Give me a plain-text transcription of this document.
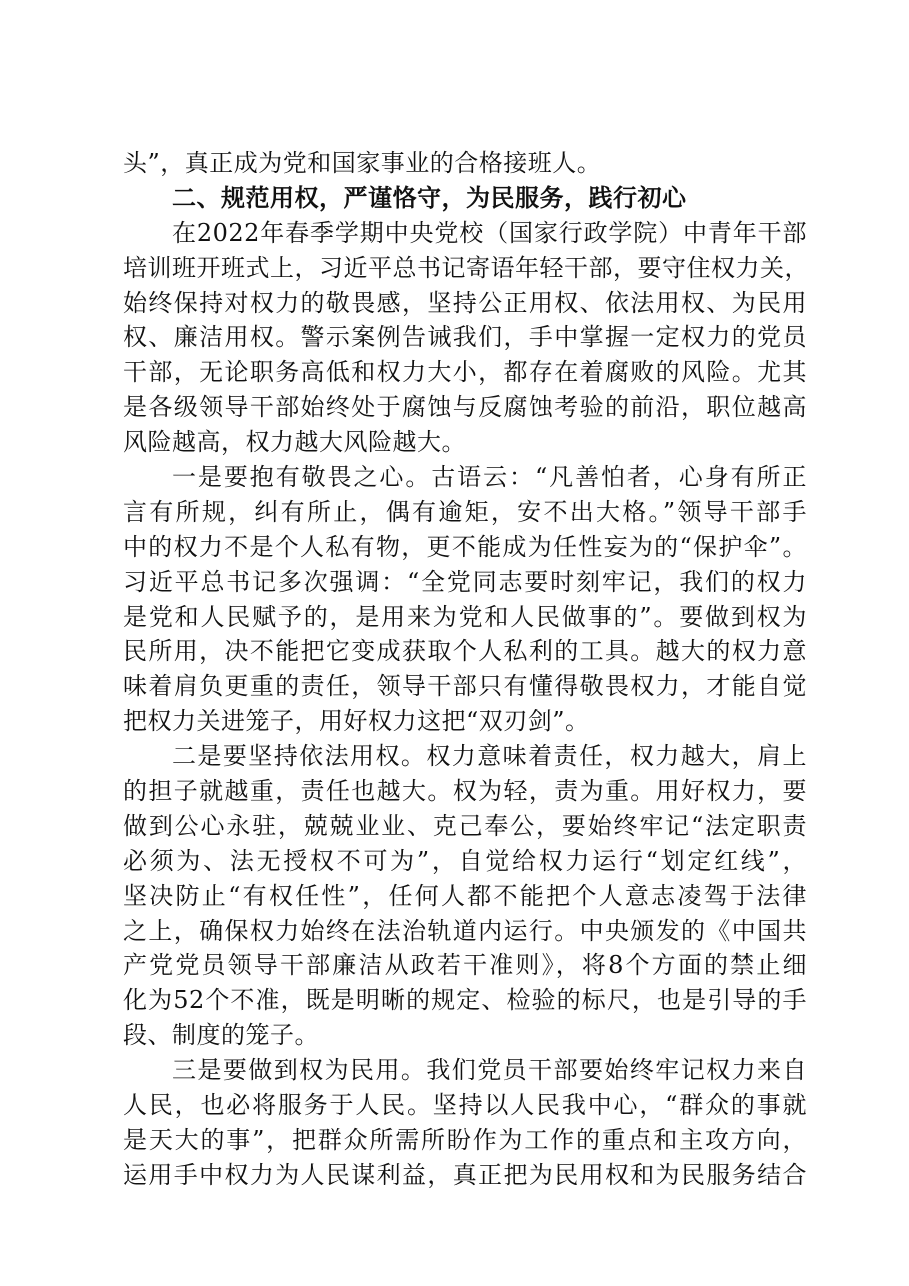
头”，真正成为党和国家事业的合格接班人。
二、规范用权，严谨恪守，为民服务，践行初心
在2022年春季学期中央党校（国家行政学院）中青年干部
培训班开班式上，习近平总书记寄语年轻干部，要守住权力关，
始终保持对权力的敬畏感，坚持公正用权、依法用权、为民用
权、廉洁用权。警示案例告诫我们，手中掌握一定权力的党员
干部，无论职务高低和权力大小，都存在着腐败的风险。尤其
是各级领导干部始终处于腐蚀与反腐蚀考验的前沿，职位越高
风险越高，权力越大风险越大。
一是要抱有敬畏之心。古语云：“凡善怕者，心身有所正
言有所规，纠有所止，偶有逾矩，安不出大格。”领导干部手
中的权力不是个人私有物，更不能成为任性妄为的“保护伞”。
习近平总书记多次强调：“全党同志要时刻牢记，我们的权力
是党和人民赋予的，是用来为党和人民做事的”。要做到权为
民所用，决不能把它变成获取个人私利的工具。越大的权力意
味着肩负更重的责任，领导干部只有懂得敬畏权力，才能自觉
把权力关进笼子，用好权力这把“双刃剑”。
二是要坚持依法用权。权力意味着责任，权力越大，肩上
的担子就越重，责任也越大。权为轻，责为重。用好权力，要
做到公心永驻，兢兢业业、克己奉公，要始终牢记“法定职责
必须为、法无授权不可为”，自觉给权力运行“划定红线”，
坚决防止“有权任性”，任何人都不能把个人意志凌驾于法律
之上，确保权力始终在法治轨道内运行。中央颁发的《中国共
产党党员领导干部廉洁从政若干准则》，将8个方面的禁止细
化为52个不准，既是明晰的规定、检验的标尺，也是引导的手
段、制度的笼子。
三是要做到权为民用。我们党员干部要始终牢记权力来自
人民，也必将服务于人民。坚持以人民我中心，“群众的事就
是天大的事”，把群众所需所盼作为工作的重点和主攻方向，
运用手中权力为人民谋利益，真正把为民用权和为民服务结合
